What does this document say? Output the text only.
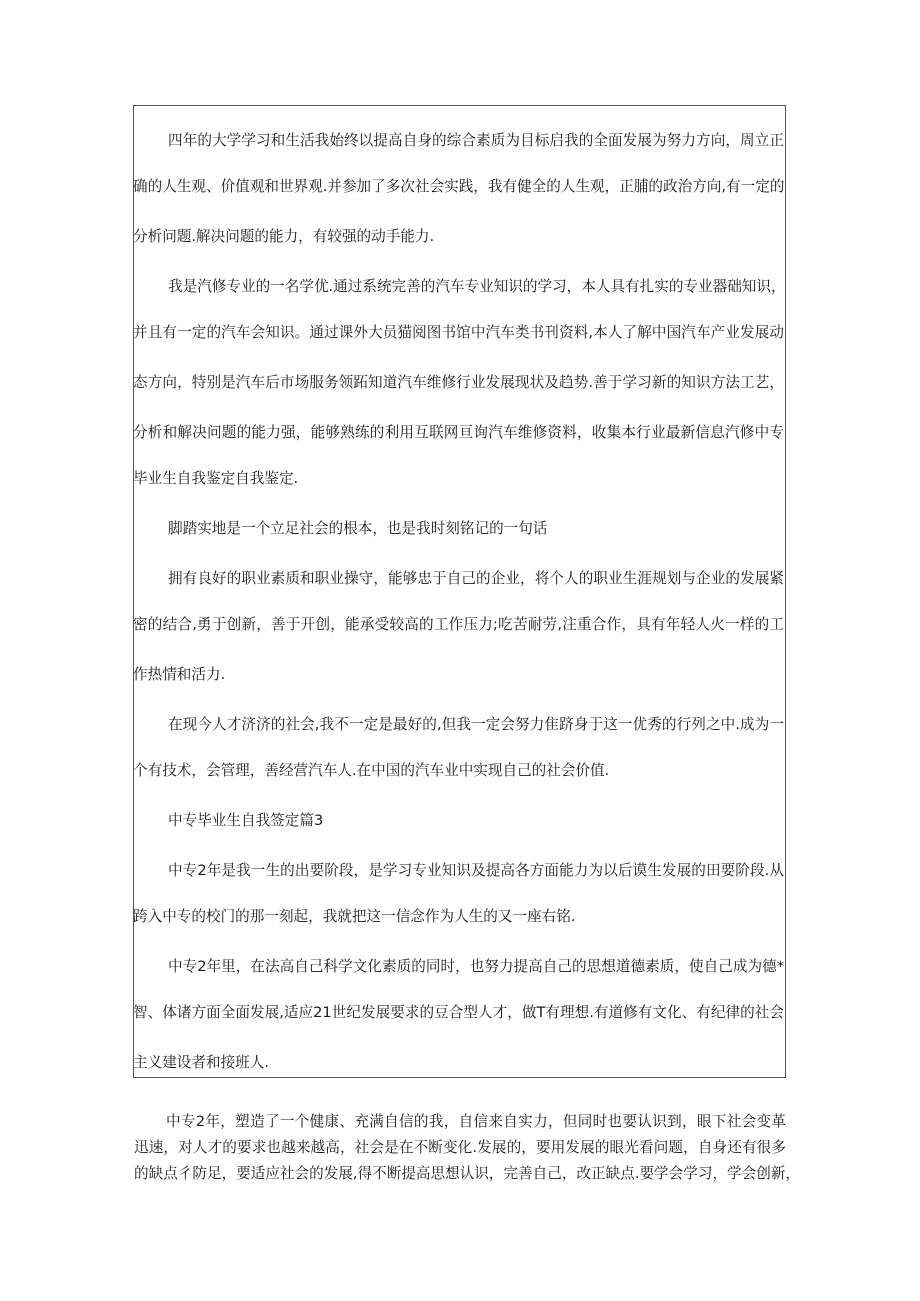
四年的大学学习和生活我始终以提高自身的综合素质为目标启我的全面发展为努力方向，周立正
确的人生观、价值观和世界观.并参加了多次社会实践，我有健全的人生观，正脯的政治方向,有一定的
分析问题.解决问题的能力，有较强的动手能力.
我是汽修专业的一名学优.通过系统完善的汽车专业知识的学习，本人具有扎实的专业器础知识，
并且有一定的汽车会知识。通过课外大员猫阅图书馆中汽车类书刊资料,本人了解中国汽车产业发展动
态方向，特别是汽车后市场服务领跖知道汽车维修行业发展现状及趋势.善于学习新的知识方法工艺，
分析和解决问题的能力强，能够熟练的利用互联网亘询汽车维修资料，收集本行业最新信息汽修中专
毕业生自我鉴定自我鉴定.
脚踏实地是一个立足社会的根本，也是我时刻铭记的一句话
拥有良好的职业素质和职业操守，能够忠于自己的企业，将个人的职业生涯规划与企业的发展紧
密的结合,勇于创新，善于开创，能承受较高的工作压力;吃苦耐劳,注重合作，具有年轻人火一样的工
作热情和活力.
在现今人才济济的社会,我不一定是最好的,但我一定会努力隹跻身于这一优秀的行列之中.成为一
个有技术，会管理，善经营汽车人.在中国的汽车业中实现自己的社会价值.
中专毕业生自我签定篇3
中专2年是我一生的出要阶段，是学习专业知识及提高各方面能力为以后谟生发展的田要阶段.从
跨入中专的校门的那一刻起，我就把这一信念作为人生的又一座右铭.
中专2年里，在法高自己科学文化素质的同时，也努力提高自己的思想道德素质，使自己成为德*
智、体诸方面全面发展,适应21世纪发展要求的豆合型人才，做T有理想.有道修有文化、有纪律的社会
主义建设者和接班人.
中专2年，塑造了一个健康、充满自信的我，自信来自实力，但同时也要认识到，眼下社会变革
迅速，对人才的要求也越来越高，社会是在不断变化.发展的，要用发展的眼光看问题，自身还有很多
的缺点彳防足，要适应社会的发展,得不断提高思想认识，完善自己，改正缺点.要学会学习，学会创新，
